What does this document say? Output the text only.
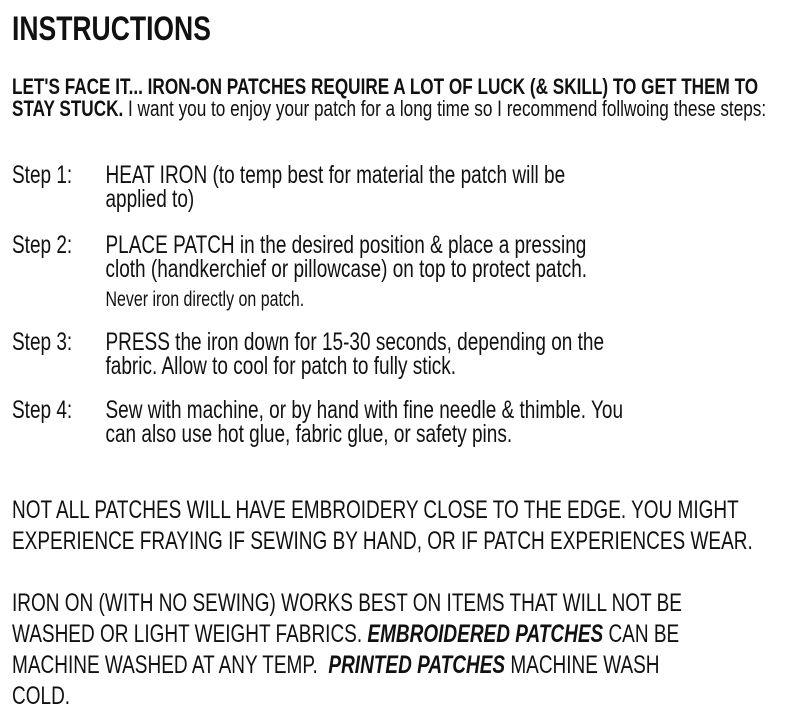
INSTRUCTIONS
LET'S FACE IT... IRON-ON PATCHES REQUIRE A LOT OF LUCK (& SKILL) TO GET THEM TO STAY STUCK. I want you to enjoy your patch for a long time so I recommend follwoing these steps:
Step 1: HEAT IRON (to temp best for material the patch will be
applied to)
Step 2: PLACE PATCH in the desired position & place a pressing
cloth (handkerchief or pillowcase) on top to protect patch.
Never iron directly on patch.
Step 3: PRESS the iron down for 15-30 seconds, depending on the
fabric. Allow to cool for patch to fully stick.
Step 4: Sew with machine, or by hand with fine needle & thimble. You
can also use hot glue, fabric glue, or safety pins.
NOT ALL PATCHES WILL HAVE EMBROIDERY CLOSE TO THE EDGE. YOU MIGHT
EXPERIENCE FRAYING IF SEWING BY HAND, OR IF PATCH EXPERIENCES WEAR.
IRON ON (WITH NO SEWING) WORKS BEST ON ITEMS THAT WILL NOT BE
WASHED OR LIGHT WEIGHT FABRICS. EMBROIDERED PATCHES CAN BE
MACHINE WASHED AT ANY TEMP.  PRINTED PATCHES MACHINE WASH
COLD.
